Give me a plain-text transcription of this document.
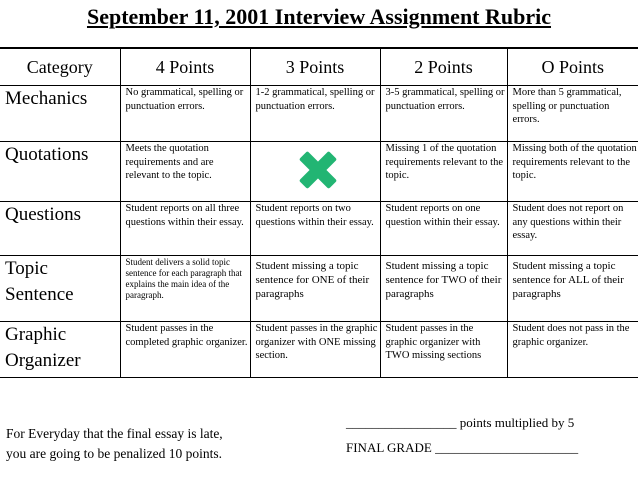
September 11, 2001 Interview Assignment Rubric
Category	4 Points	3 Points	2 Points	O Points
Mechanics	No grammatical, spelling or punctuation errors.	1-2 grammatical, spelling or punctuation errors.	3-5 grammatical, spelling or punctuation errors.	More than 5 grammatical, spelling or punctuation errors.
Quotations	Meets the quotation requirements and are relevant to the topic.		Missing 1 of the quotation requirements relevant to the topic.	Missing both of the quotation requirements relevant to the topic.
Questions	Student reports on all three questions within their essay.	Student reports on two questions within their essay.	Student reports on one question within their essay.	Student does not report on any questions within their essay.
Topic Sentence	Student delivers a solid topic sentence for each paragraph that explains the main idea of the paragraph.	Student missing a topic sentence for ONE of their paragraphs	Student missing a topic sentence for TWO of their paragraphs	Student missing a topic sentence for ALL of their paragraphs
Graphic Organizer	Student passes in the completed graphic organizer.	Student passes in the graphic organizer with ONE missing section.	Student passes in the graphic organizer with TWO missing sections	Student does not pass in the graphic organizer.
For Everyday that the final essay is late,
you are going to be penalized 10 points.
_________________ points multiplied by 5
FINAL GRADE ______________________
